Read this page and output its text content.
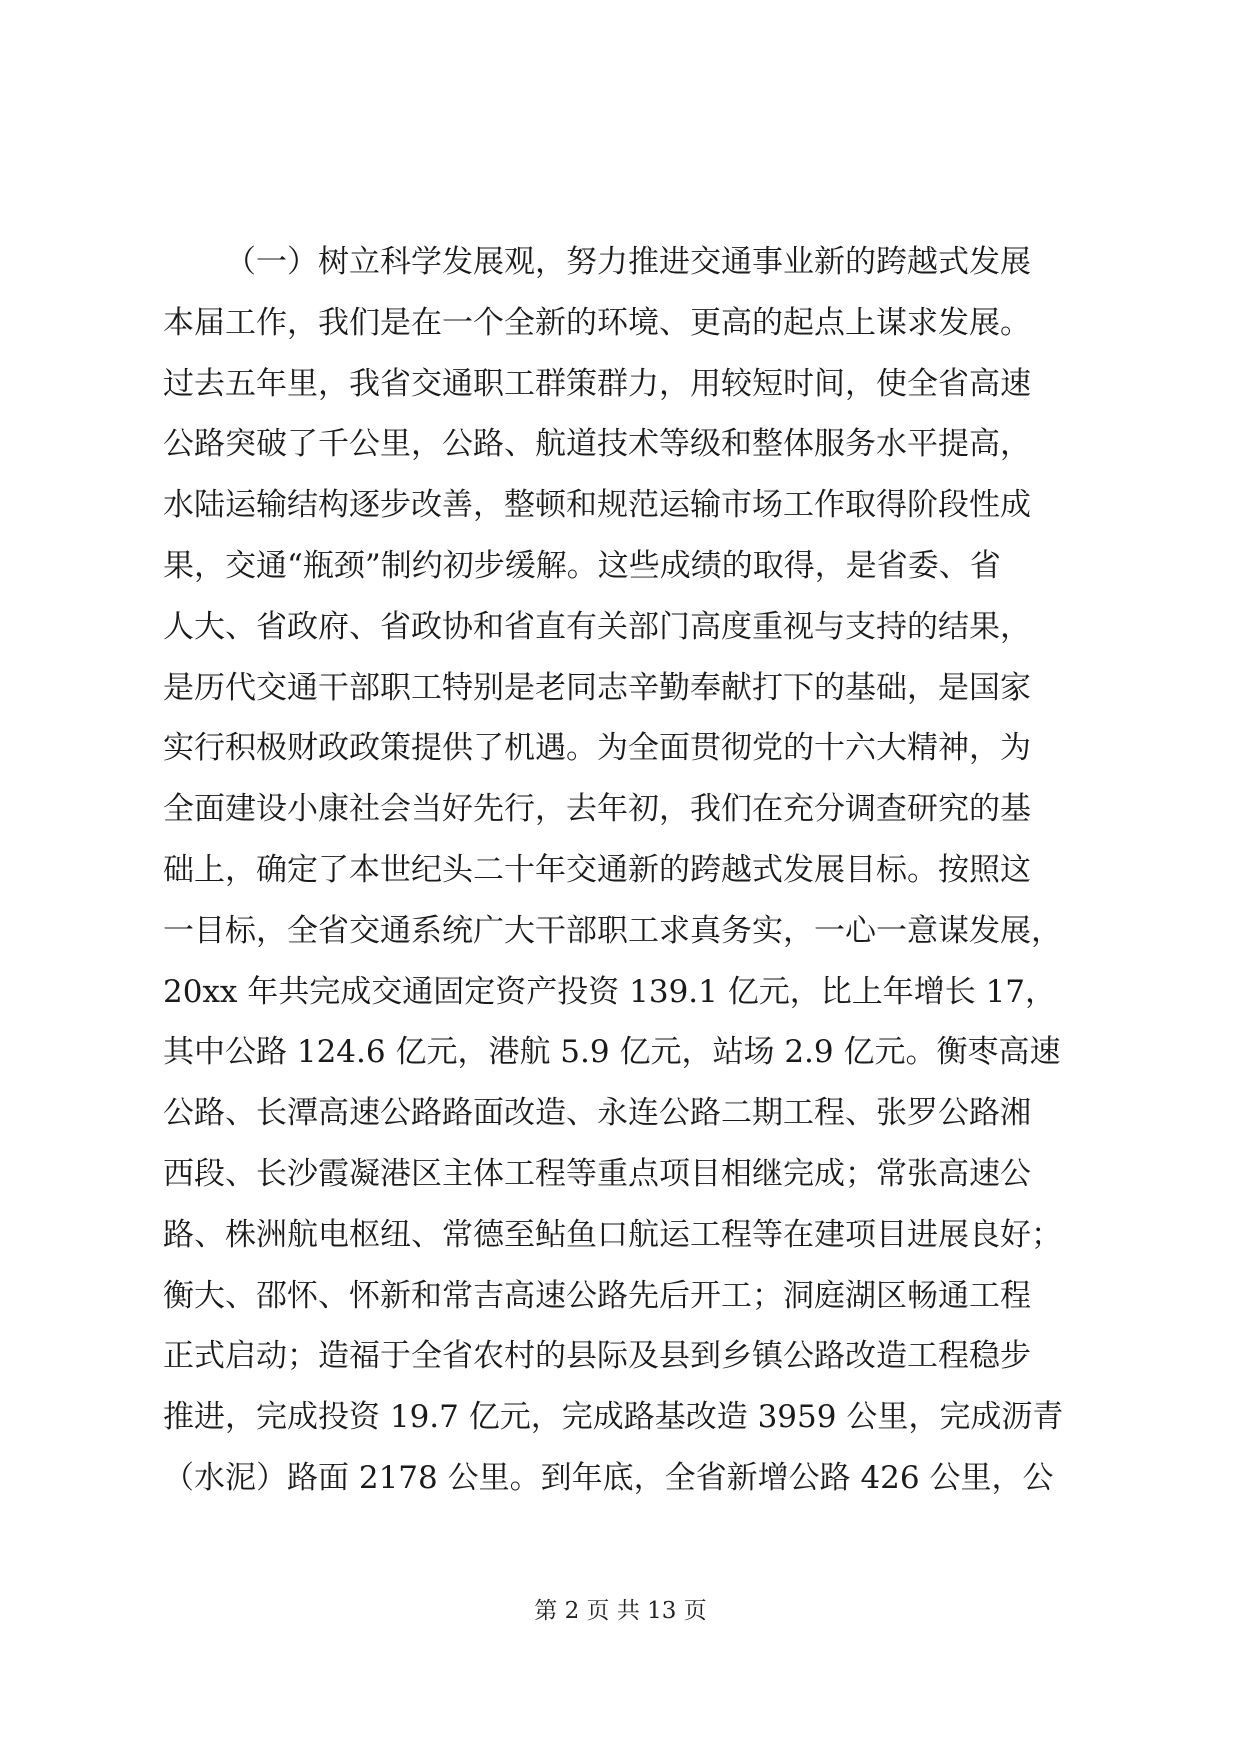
（一）树立科学发展观，努力推进交通事业新的跨越式发展
本届工作，我们是在一个全新的环境、更高的起点上谋求发展。
过去五年里，我省交通职工群策群力，用较短时间，使全省高速
公路突破了千公里，公路、航道技术等级和整体服务水平提高，
水陆运输结构逐步改善，整顿和规范运输市场工作取得阶段性成
果，交通“瓶颈”制约初步缓解。这些成绩的取得，是省委、省
人大、省政府、省政协和省直有关部门高度重视与支持的结果，
是历代交通干部职工特别是老同志辛勤奉献打下的基础，是国家
实行积极财政政策提供了机遇。为全面贯彻党的十六大精神，为
全面建设小康社会当好先行，去年初，我们在充分调查研究的基
础上，确定了本世纪头二十年交通新的跨越式发展目标。按照这
一目标，全省交通系统广大干部职工求真务实，一心一意谋发展，
20xx 年共完成交通固定资产投资 139.1 亿元，比上年增长 17，
其中公路 124.6 亿元，港航 5.9 亿元，站场 2.9 亿元。衡枣高速
公路、长潭高速公路路面改造、永连公路二期工程、张罗公路湘
西段、长沙霞凝港区主体工程等重点项目相继完成；常张高速公
路、株洲航电枢纽、常德至鲇鱼口航运工程等在建项目进展良好；
衡大、邵怀、怀新和常吉高速公路先后开工；洞庭湖区畅通工程
正式启动；造福于全省农村的县际及县到乡镇公路改造工程稳步
推进，完成投资 19.7 亿元，完成路基改造 3959 公里，完成沥青
（水泥）路面 2178 公里。到年底，全省新增公路 426 公里，公
第 2 页 共 13 页
